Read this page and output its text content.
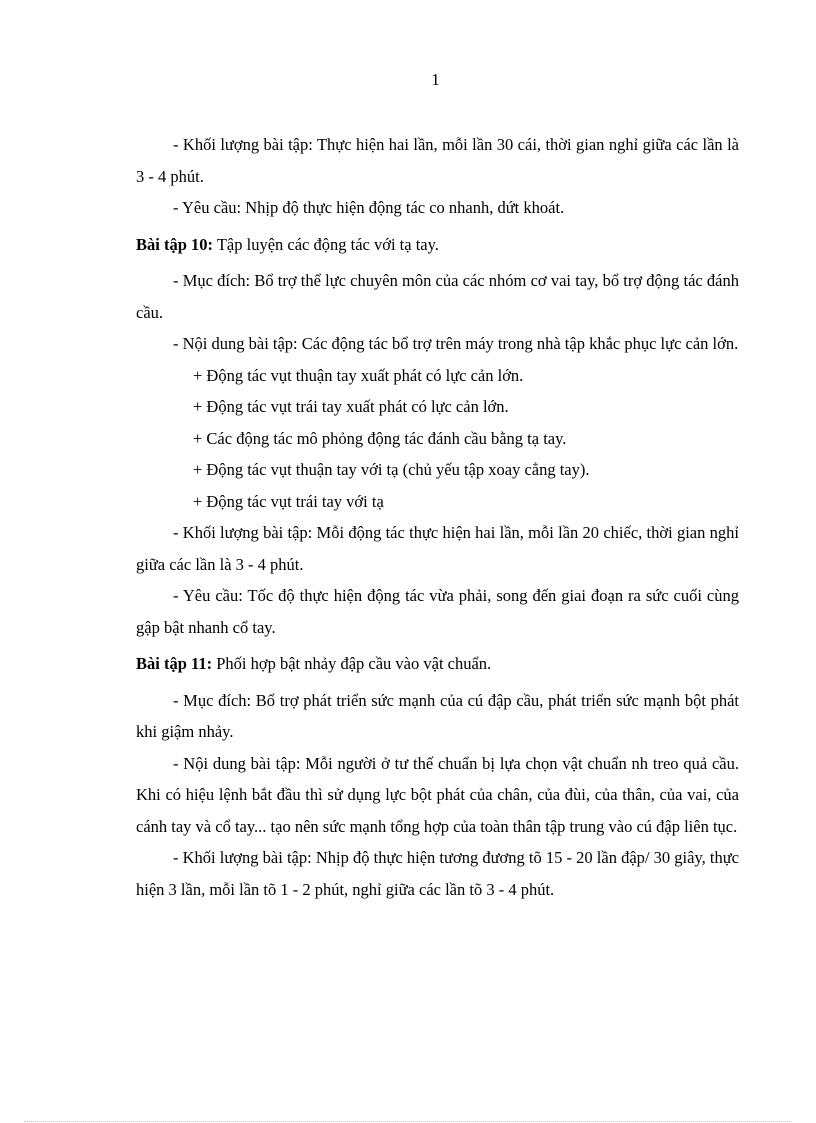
1

- Khối lượng bài tập: Thực hiện hai lần, mỗi lần 30 cái, thời gian nghỉ giữa các lần là 3 - 4 phút.

- Yêu cầu: Nhịp độ thực hiện động tác co nhanh, dứt khoát.

Bài tập 10: Tập luyện các động tác với tạ tay.

- Mục đích: Bổ trợ thể lực chuyên môn của các nhóm cơ vai tay, bổ trợ động tác đánh cầu.

- Nội dung bài tập: Các động tác bổ trợ trên máy trong nhà tập khắc phục lực cản lớn.

+ Động tác vụt thuận tay xuất phát có lực cản lớn.

+ Động tác vụt trái tay xuất phát có lực cản lớn.

+ Các động tác mô phỏng động tác đánh cầu bằng tạ tay.

+ Động tác vụt thuận tay với tạ (chủ yếu tập xoay cẳng tay).

+ Động tác vụt trái tay với tạ

- Khối lượng bài tập: Mỗi động tác thực hiện hai lần, mỗi lần 20 chiếc, thời gian nghỉ giữa các lần là 3 - 4 phút.

- Yêu cầu: Tốc độ thực hiện động tác vừa phải, song đến giai đoạn ra sức cuối cùng gập bật nhanh cổ tay.

Bài tập 11: Phối hợp bật nhảy đập cầu vào vật chuẩn.

- Mục đích: Bổ trợ phát triển sức mạnh của cú đập cầu, phát triển sức mạnh bột phát khi giậm nhảy.

- Nội dung bài tập: Mỗi người ở tư thế chuẩn bị lựa chọn vật chuẩn nh treo quả cầu. Khi có hiệu lệnh bắt đầu thì sử dụng lực bột phát của chân, của đùi, của thân, của vai, của cánh tay và cổ tay... tạo nên sức mạnh tổng hợp của toàn thân tập trung vào cú đập liên tục.

- Khối lượng bài tập: Nhịp độ thực hiện tương đương tõ 15 - 20 lần đập/ 30 giây, thực hiện 3 lần, mỗi lần tõ 1 - 2 phút, nghỉ giữa các lần tõ 3 - 4 phút.
